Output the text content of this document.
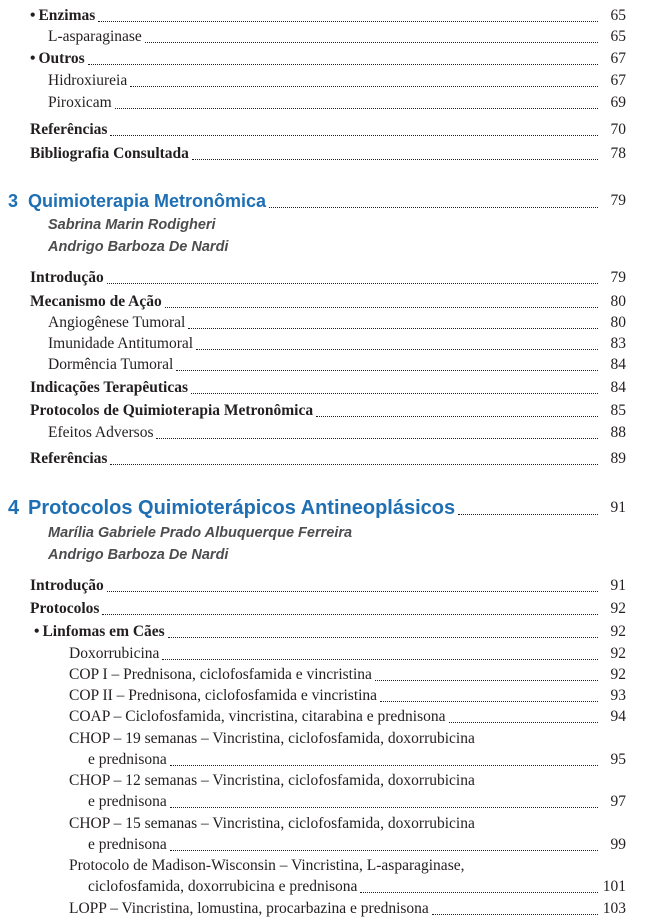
• Enzimas	65
L-asparaginase	65
• Outros	67
Hidroxiureia	67
Piroxicam	69
Referências	70
Bibliografia Consultada	78
3 Quimioterapia Metronômica	79
Sabrina Marin Rodigheri
Andrigo Barboza De Nardi
Introdução	79
Mecanismo de Ação	80
Angiogênese Tumoral	80
Imunidade Antitumoral	83
Dormência Tumoral	84
Indicações Terapêuticas	84
Protocolos de Quimioterapia Metronômica	85
Efeitos Adversos	88
Referências	89
4 Protocolos Quimioterápicos Antineoplásicos	91
Marília Gabriele Prado Albuquerque Ferreira
Andrigo Barboza De Nardi
Introdução	91
Protocolos	92
• Linfomas em Cães	92
Doxorrubicina	92
COP I – Prednisona, ciclofosfamida e vincristina	92
COP II – Prednisona, ciclofosfamida e vincristina	93
COAP – Ciclofosfamida, vincristina, citarabina e prednisona	94
CHOP – 19 semanas – Vincristina, ciclofosfamida, doxorrubicina
e prednisona	95
CHOP – 12 semanas – Vincristina, ciclofosfamida, doxorrubicina
e prednisona	97
CHOP – 15 semanas – Vincristina, ciclofosfamida, doxorrubicina
e prednisona	99
Protocolo de Madison-Wisconsin – Vincristina, L-asparaginase,
ciclofosfamida, doxorrubicina e prednisona	101
LOPP – Vincristina, lomustina, procarbazina e prednisona	103
